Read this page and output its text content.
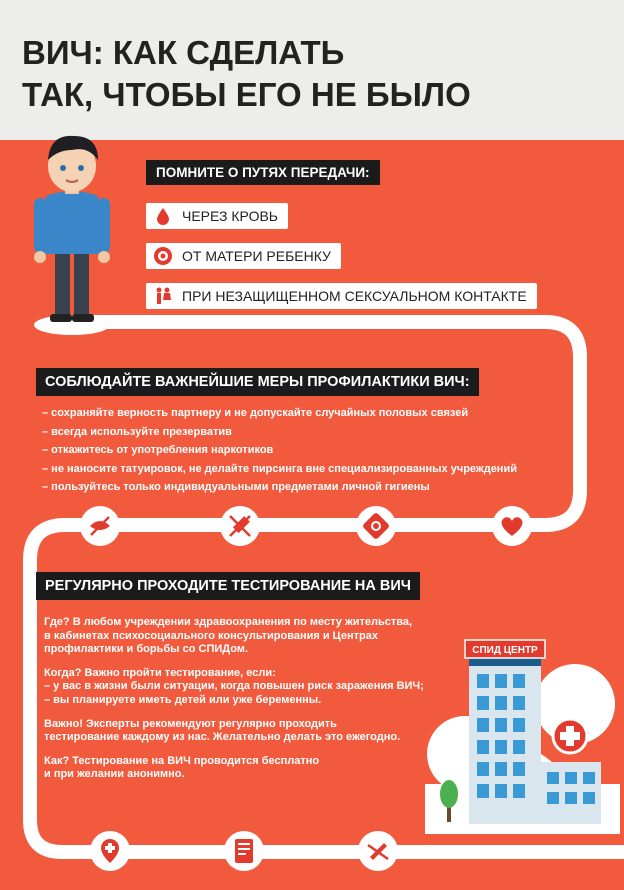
ВИЧ: КАК СДЕЛАТЬ
ТАК, ЧТОБЫ ЕГО НЕ БЫЛО
ПОМНИТЕ О ПУТЯХ ПЕРЕДАЧИ:
ЧЕРЕЗ КРОВЬ
ОТ МАТЕРИ РЕБЕНКУ
ПРИ НЕЗАЩИЩЕННОМ СЕКСУАЛЬНОМ КОНТАКТЕ
СОБЛЮДАЙТЕ ВАЖНЕЙШИЕ МЕРЫ ПРОФИЛАКТИКИ ВИЧ:
– сохраняйте верность партнеру и не допускайте случайных половых связей
– всегда используйте презерватив
– откажитесь от употребления наркотиков
– не наносите татуировок, не делайте пирсинга вне специализированных учреждений
– пользуйтесь только индивидуальными предметами личной гигиены
РЕГУЛЯРНО ПРОХОДИТЕ ТЕСТИРОВАНИЕ НА ВИЧ

Где? В любом учреждении здравоохранения по месту жительства,
в кабинетах психосоциального консультирования и Центрах
профилактики и борьбы со СПИДом.

Когда? Важно пройти тестирование, если:
– у вас в жизни были ситуации, когда повышен риск заражения ВИЧ;
– вы планируете иметь детей или уже беременны.

Важно! Эксперты рекомендуют регулярно проходить
тестирование каждому из нас. Желательно делать это ежегодно.

Как? Тестирование на ВИЧ проводится бесплатно
и при желании анонимно.

СПИД ЦЕНТР
